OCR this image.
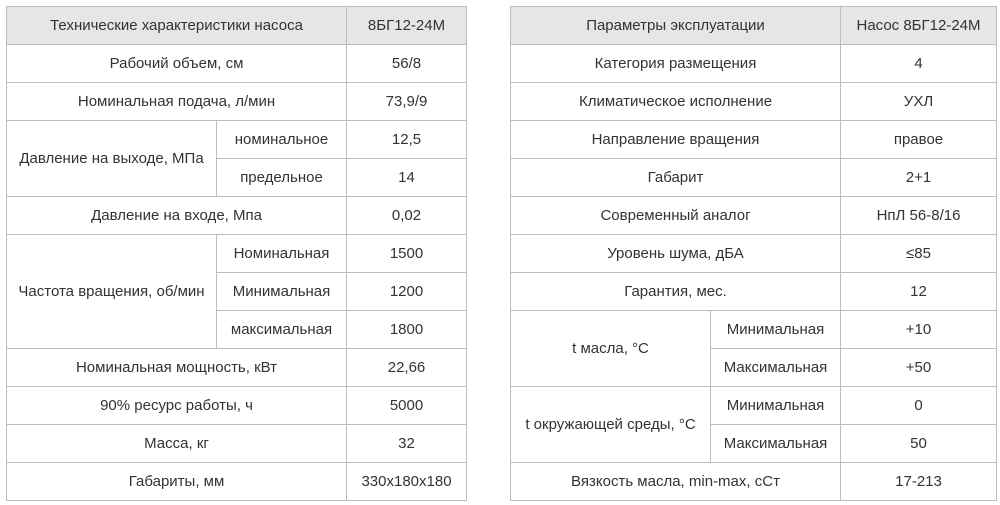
Технические характеристики насоса		8БГ12-24М
Рабочий объем, см		56/8
Номинальная подача, л/мин		73,9/9
Давление на выходе, МПа	номинальное	12,5
	предельное	14
Давление на входе, Мпа		0,02
Частота вращения, об/мин	Номинальная	1500
	Минимальная	1200
	максимальная	1800
Номинальная мощность, кВт		22,66
90% ресурс работы, ч		5000
Масса, кг		32
Габариты, мм		330x180x180
Параметры эксплуатации		Насос 8БГ12-24М
Категория размещения		4
Климатическое исполнение		УХЛ
Направление вращения		правое
Габарит		2+1
Современный аналог		НпЛ 56-8/16
Уровень шума, дБА		≤85
Гарантия, мес.		12
t масла, °С	Минимальная	+10
	Максимальная	+50
t окружающей среды, °С	Минимальная	0
	Максимальная	50
Вязкость масла, min-max, сСт		17-213
